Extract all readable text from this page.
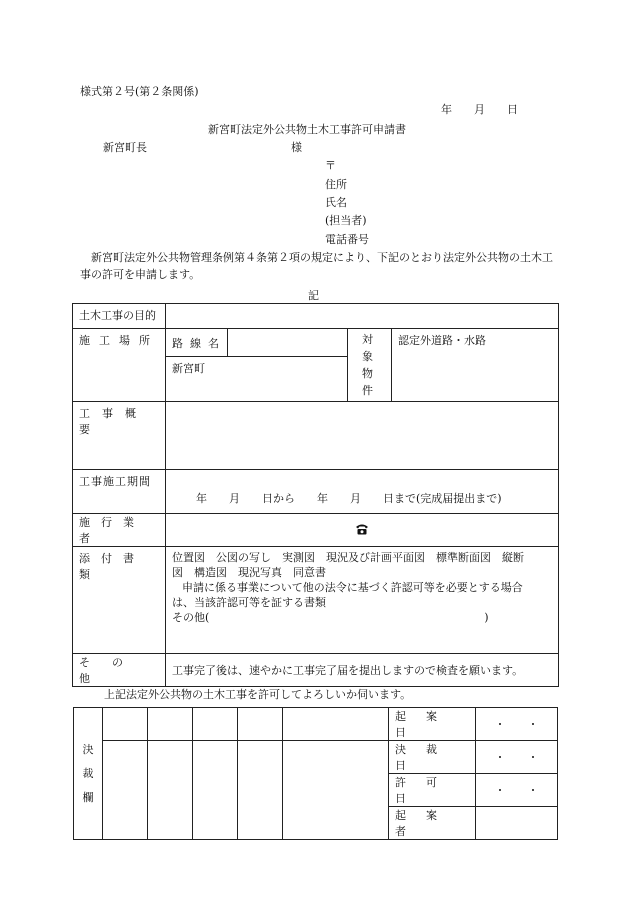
様式第２号(第２条関係)
年　　月　　日
新宮町法定外公共物土木工事許可申請書
新宮町長	様
〒
住所
氏名
(担当者)
電話番号
新宮町法定外公共物管理条例第４条第２項の規定により、下記のとおり法定外公共物の土木工事の許可を申請します。
記
土木工事の目的				

施工場所	路線名		対象物件	認定外道路・水路

	新宮町			

工事概要				

工事施工期間	年　　月　　日から　　年　　月　　日まで(完成届提出まで)			

施行業者

添付書類	位置図　公図の写し　実測図　現況及び計画平面図　標準断面図　縦断
図　構造図　現況写真　同意書
申請に係る事業について他の法令に基づく許認可等を必要とする場合
は、当該許認可等を証する書類
その他(　　　　　　　　　　　　　　　　　　　　　　　　　)			

その他	工事完了後は、速やかに工事完了届を提出しますので検査を願います。			
上記法定外公共物の土木工事を許可してよろしいか伺います。
決裁欄						起案日	・　　・

						決裁日	・　　・

						許可日	・　　・

						起案者	
